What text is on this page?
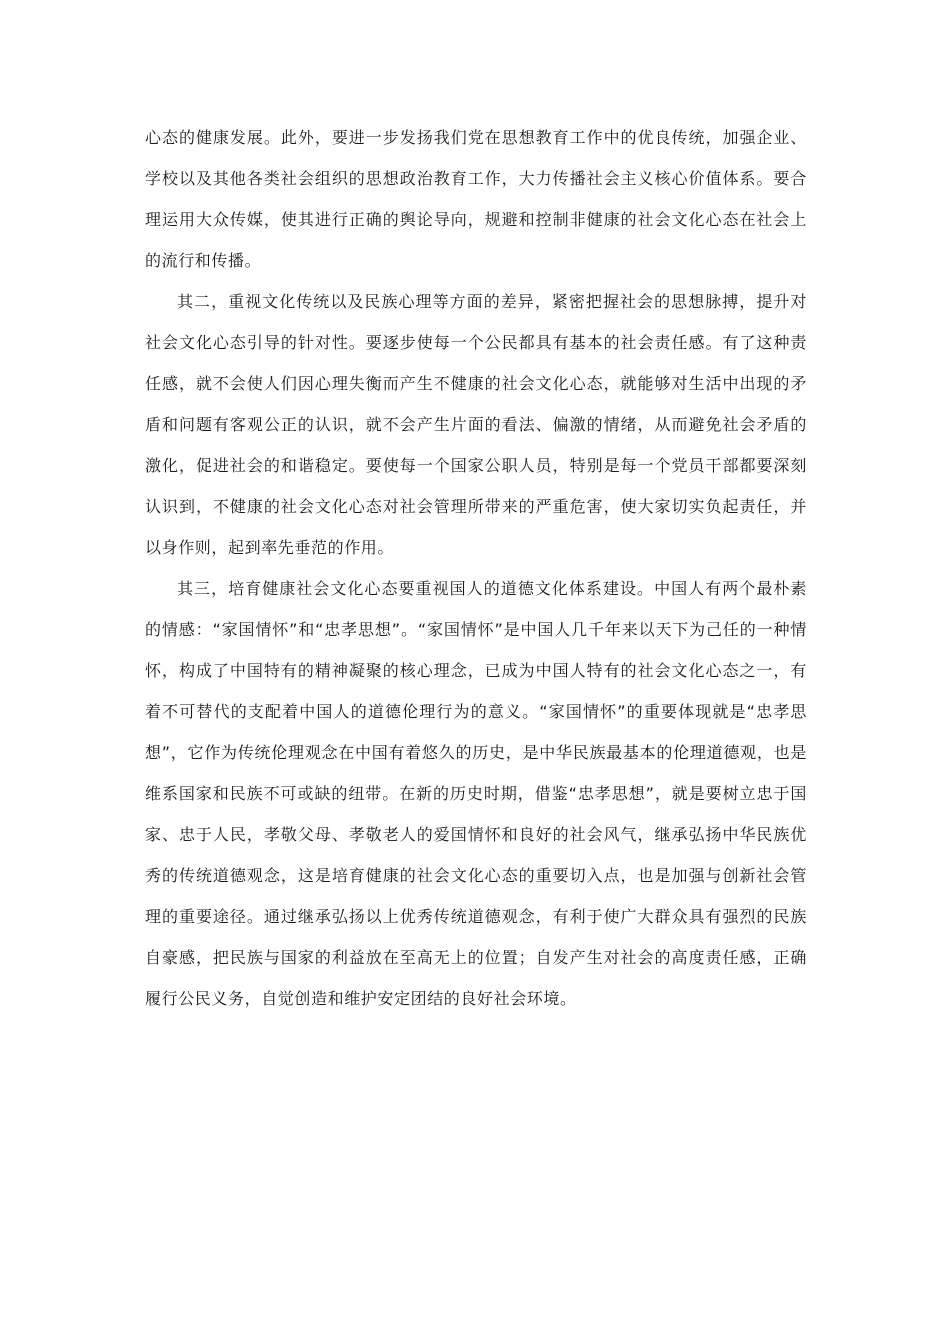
心态的健康发展。此外，要进一步发扬我们党在思想教育工作中的优良传统，加强企业、学校以及其他各类社会组织的思想政治教育工作，大力传播社会主义核心价值体系。要合理运用大众传媒，使其进行正确的舆论导向，规避和控制非健康的社会文化心态在社会上的流行和传播。

其二，重视文化传统以及民族心理等方面的差异，紧密把握社会的思想脉搏，提升对社会文化心态引导的针对性。要逐步使每一个公民都具有基本的社会责任感。有了这种责任感，就不会使人们因心理失衡而产生不健康的社会文化心态，就能够对生活中出现的矛盾和问题有客观公正的认识，就不会产生片面的看法、偏激的情绪，从而避免社会矛盾的激化，促进社会的和谐稳定。要使每一个国家公职人员，特别是每一个党员干部都要深刻认识到，不健康的社会文化心态对社会管理所带来的严重危害，使大家切实负起责任，并以身作则，起到率先垂范的作用。

其三，培育健康社会文化心态要重视国人的道德文化体系建设。中国人有两个最朴素的情感：“家国情怀”和“忠孝思想”。“家国情怀”是中国人几千年来以天下为己任的一种情怀，构成了中国特有的精神凝聚的核心理念，已成为中国人特有的社会文化心态之一，有着不可替代的支配着中国人的道德伦理行为的意义。“家国情怀”的重要体现就是“忠孝思想”，它作为传统伦理观念在中国有着悠久的历史，是中华民族最基本的伦理道德观，也是维系国家和民族不可或缺的纽带。在新的历史时期，借鉴“忠孝思想”，就是要树立忠于国家、忠于人民，孝敬父母、孝敬老人的爱国情怀和良好的社会风气，继承弘扬中华民族优秀的传统道德观念，这是培育健康的社会文化心态的重要切入点，也是加强与创新社会管理的重要途径。通过继承弘扬以上优秀传统道德观念，有利于使广大群众具有强烈的民族自豪感，把民族与国家的利益放在至高无上的位置；自发产生对社会的高度责任感，正确履行公民义务，自觉创造和维护安定团结的良好社会环境。
